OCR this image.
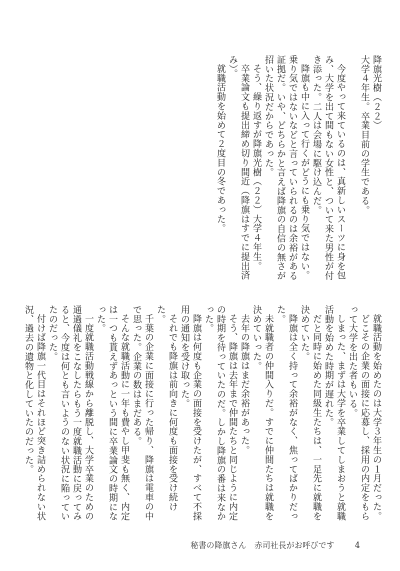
降旗光樹（２２）

大学４年生。卒業目前の学生である。

今度やって来ているのは、真新しいスーツに身を包み、大学を出て間もない女性と、ついて来た男性が付き添った。二人は会場に駆け込んだ。

降旗も中に入って行くがどうにも乗り気ではない。乗り気ではないなどと言っていられるのは余裕がある証拠だ。いや、どちらかと言えば降旗の自信の無さが招いた状況だからであった。

そう、繰り返すが降旗光樹（２２）大学４年生。

卒業論文も提出締め切り間近（降旗はすでに提出済み）。

就職活動を始めて２度目の冬であった。

就職活動を始めたのは大学３年生の１月だった。

どこその企業の面接に応募し、採用の内定をもらって大学を出た者もいる。

しまった、まずは大学を卒業してしまおうと就職活動を始めた時期が遅れた。

だと同時に始めた同級生たちは、一足先に就職を決めていた。

降旗は全く持って余裕がなく、焦ってばかりだった。

未就職者の仲間入りだ。すでに仲間たちは就職を決めていった。

去年の降旗はまだ余裕があった。

そう、降旗は去年まで仲間たちと同じように内定の時期を待っていたのだ。しかし降旗の番は来なかった。

降旗は何度も企業の面接を受けたが、すべて不採用の通知を受け取った。

それでも降旗は前向きに何度も面接を受け続けた。

千葉の企業に面接に行った帰り、降旗は電車の中で思った。企業の数はまだある。

そんな就職活動に一年も費やし甲斐も無く、内定は一つも貰えずあっという間に卒業論文の時期になった。

一度就職活動戦線から離脱し、大学卒業のための通過儀礼をこなしたらもう一度就職活動に戻ってみると、今度は何とも言いようのない状況に陥っていたのだった。

付けば降旗一代目はそれほど突き詰められない状況、過去の遺物と化していたのだった。

秘書の降旗さん　赤司社長がお呼びです	4
